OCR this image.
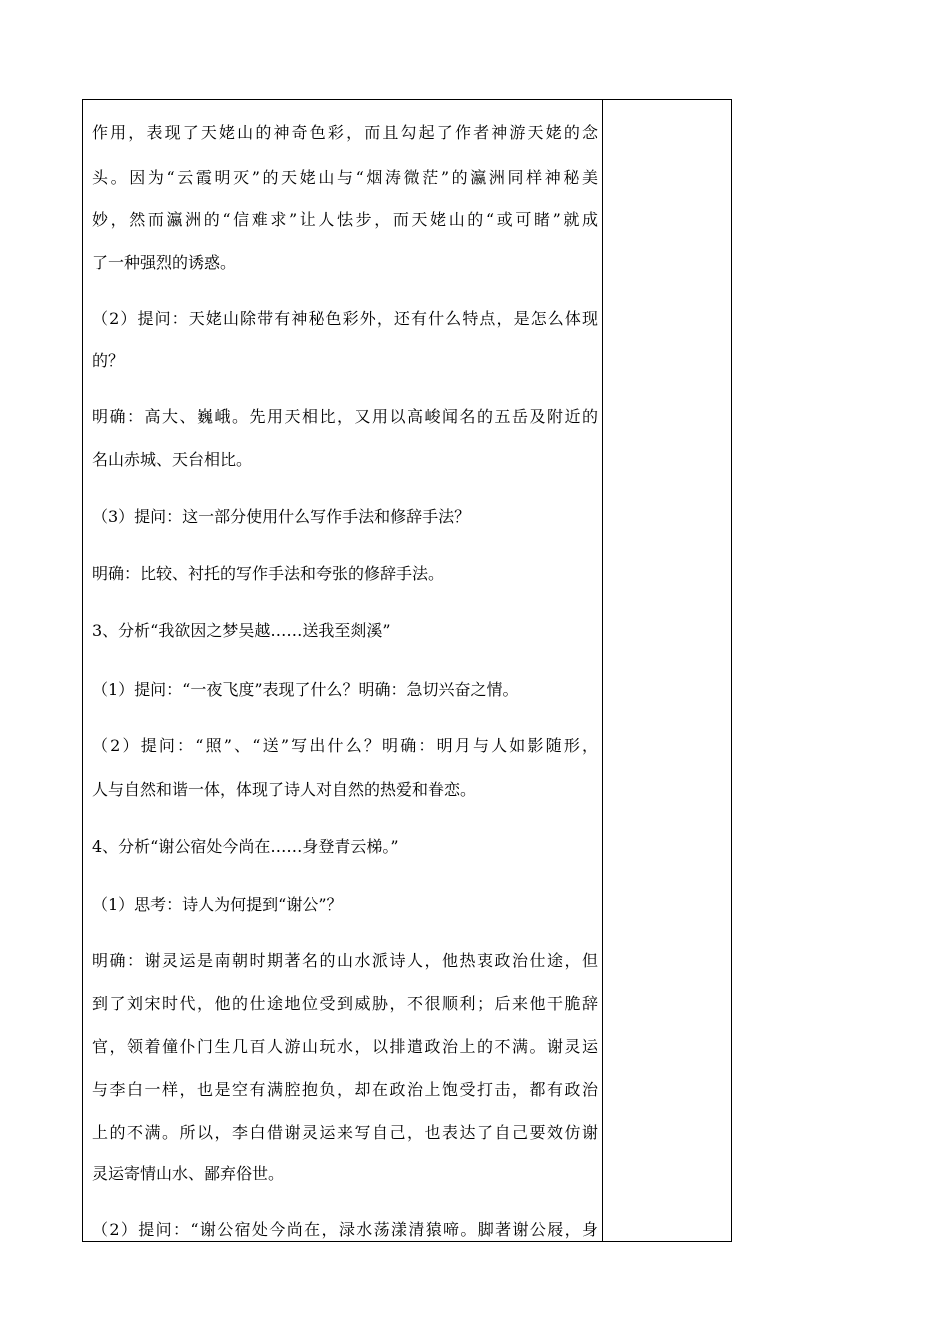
作用，表现了天姥山的神奇色彩，而且勾起了作者神游天姥的念
头。因为“云霞明灭”的天姥山与“烟涛微茫”的瀛洲同样神秘美
妙，然而瀛洲的“信难求”让人怯步，而天姥山的“或可睹”就成
了一种强烈的诱惑。
（2）提问：天姥山除带有神秘色彩外，还有什么特点，是怎么体现
的？
明确：高大、巍峨。先用天相比，又用以高峻闻名的五岳及附近的
名山赤城、天台相比。
（3）提问：这一部分使用什么写作手法和修辞手法？
明确：比较、衬托的写作手法和夸张的修辞手法。
3、分析“我欲因之梦吴越……送我至剡溪”
（1）提问：“一夜飞度”表现了什么？明确：急切兴奋之情。
（2）提问：“照”、“送”写出什么？明确：明月与人如影随形，
人与自然和谐一体，体现了诗人对自然的热爱和眷恋。
4、分析“谢公宿处今尚在……身登青云梯。”
（1）思考：诗人为何提到“谢公”？
明确：谢灵运是南朝时期著名的山水派诗人，他热衷政治仕途，但
到了刘宋时代，他的仕途地位受到威胁，不很顺利；后来他干脆辞
官，领着僮仆门生几百人游山玩水，以排遣政治上的不满。谢灵运
与李白一样，也是空有满腔抱负，却在政治上饱受打击，都有政治
上的不满。所以，李白借谢灵运来写自己，也表达了自己要效仿谢
灵运寄情山水、鄙弃俗世。
（2）提问：“谢公宿处今尚在，渌水荡漾清猿啼。脚著谢公屐，身
